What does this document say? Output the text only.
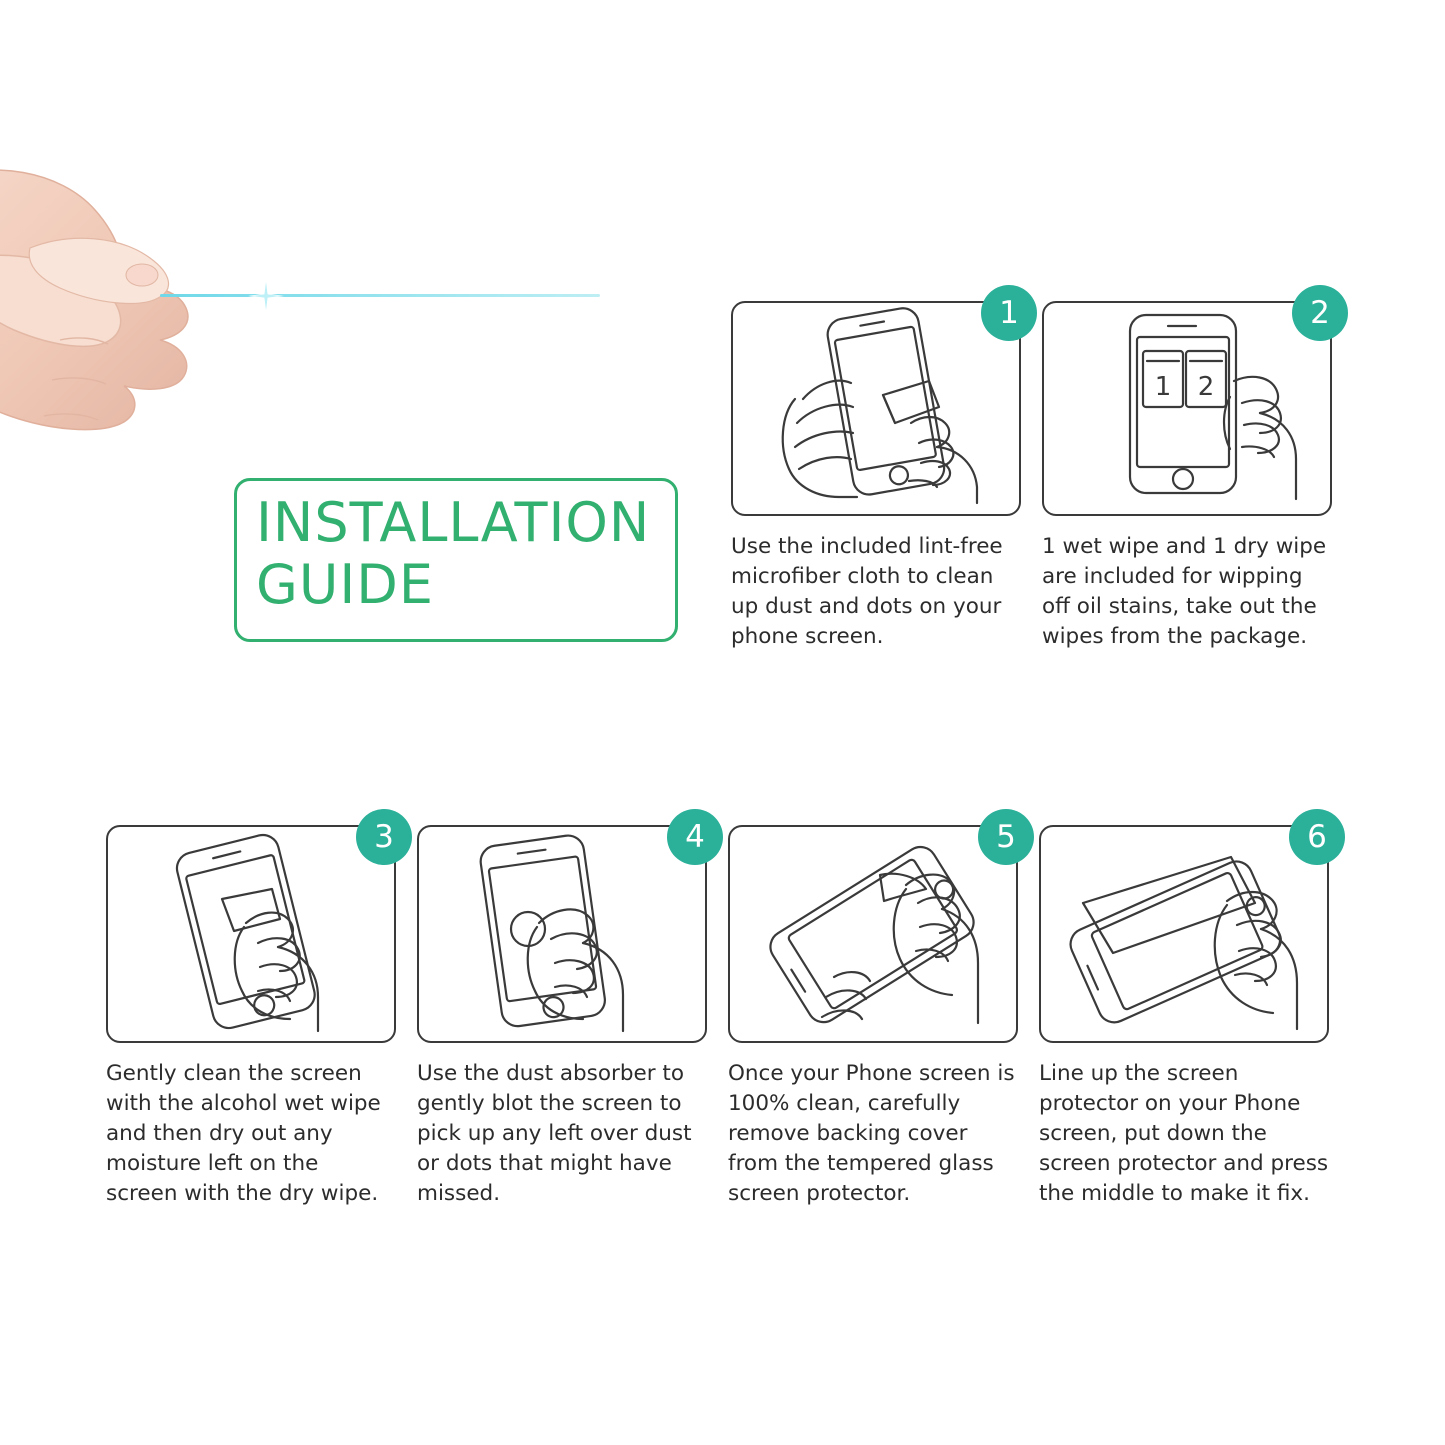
INSTALLATION
GUIDE
1
Use the included lint-free microfiber cloth to clean up dust and dots on your phone screen.
2
1 2
1 wet wipe and 1 dry wipe are included for wipping off oil stains, take out the wipes from the package.
3
Gently clean the screen with the alcohol wet wipe and then dry out any moisture left on the screen with the dry wipe.
4
Use the dust absorber to gently blot the screen to pick up any left over dust or dots that might have missed.
5
Once your Phone screen is 100% clean, carefully remove backing cover from the tempered glass screen protector.
6
Line up the screen protector on your Phone screen, put down the screen protector and press the middle to make it fix.
